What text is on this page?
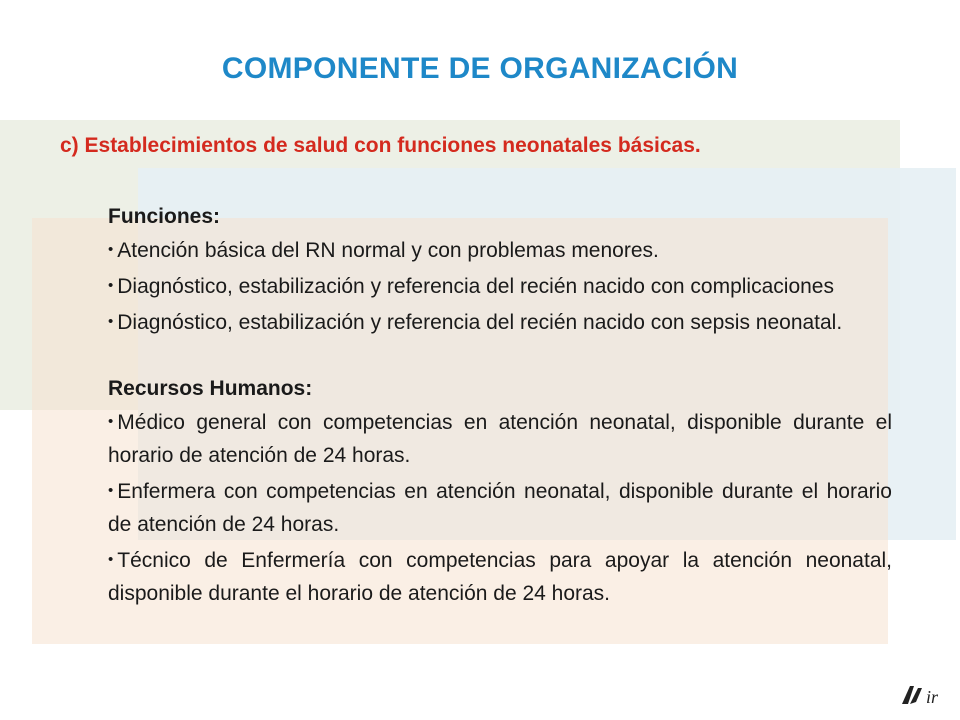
COMPONENTE DE ORGANIZACIÓN
c) Establecimientos de salud con funciones neonatales básicas.

Funciones:

• Atención básica del RN normal y con problemas menores.

• Diagnóstico, estabilización y referencia del recién nacido con complicaciones

• Diagnóstico, estabilización y referencia del recién nacido con sepsis neonatal.

Recursos Humanos:

• Médico general con competencias en atención neonatal, disponible durante el horario de atención de 24 horas.

• Enfermera con competencias en atención neonatal, disponible durante el horario de atención de 24 horas.

• Técnico de Enfermería con competencias para apoyar la atención neonatal, disponible durante el horario de atención de 24 horas.

ir
